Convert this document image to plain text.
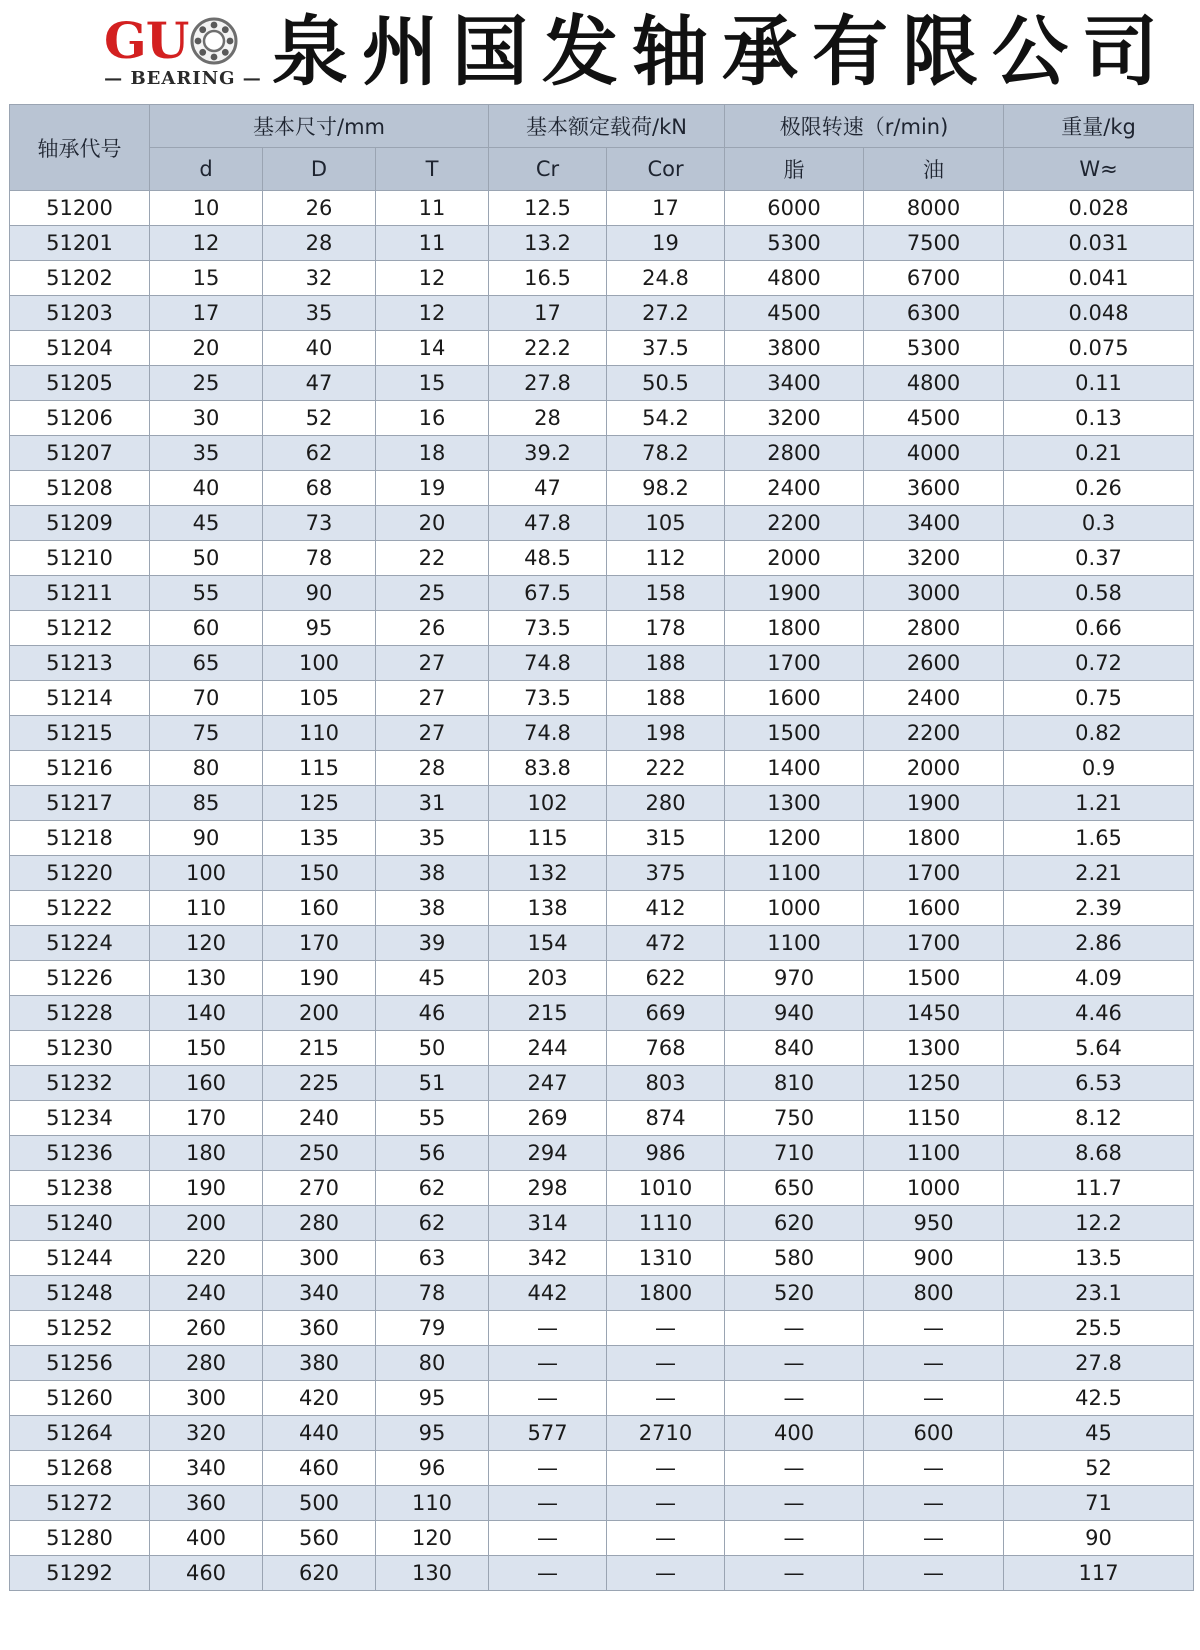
GU
— BEARING — 泉州国发轴承有限公司
轴承代号	基本尺寸/mm			基本额定载荷/kN		极限转速（r/min)		重量/kg
	d	D	T	Cr	Cor	脂	油	W≈
51200	10	26	11	12.5	17	6000	8000	0.028
51201	12	28	11	13.2	19	5300	7500	0.031
51202	15	32	12	16.5	24.8	4800	6700	0.041
51203	17	35	12	17	27.2	4500	6300	0.048
51204	20	40	14	22.2	37.5	3800	5300	0.075
51205	25	47	15	27.8	50.5	3400	4800	0.11
51206	30	52	16	28	54.2	3200	4500	0.13
51207	35	62	18	39.2	78.2	2800	4000	0.21
51208	40	68	19	47	98.2	2400	3600	0.26
51209	45	73	20	47.8	105	2200	3400	0.3
51210	50	78	22	48.5	112	2000	3200	0.37
51211	55	90	25	67.5	158	1900	3000	0.58
51212	60	95	26	73.5	178	1800	2800	0.66
51213	65	100	27	74.8	188	1700	2600	0.72
51214	70	105	27	73.5	188	1600	2400	0.75
51215	75	110	27	74.8	198	1500	2200	0.82
51216	80	115	28	83.8	222	1400	2000	0.9
51217	85	125	31	102	280	1300	1900	1.21
51218	90	135	35	115	315	1200	1800	1.65
51220	100	150	38	132	375	1100	1700	2.21
51222	110	160	38	138	412	1000	1600	2.39
51224	120	170	39	154	472	1100	1700	2.86
51226	130	190	45	203	622	970	1500	4.09
51228	140	200	46	215	669	940	1450	4.46
51230	150	215	50	244	768	840	1300	5.64
51232	160	225	51	247	803	810	1250	6.53
51234	170	240	55	269	874	750	1150	8.12
51236	180	250	56	294	986	710	1100	8.68
51238	190	270	62	298	1010	650	1000	11.7
51240	200	280	62	314	1110	620	950	12.2
51244	220	300	63	342	1310	580	900	13.5
51248	240	340	78	442	1800	520	800	23.1
51252	260	360	79	—	—	—	—	25.5
51256	280	380	80	—	—	—	—	27.8
51260	300	420	95	—	—	—	—	42.5
51264	320	440	95	577	2710	400	600	45
51268	340	460	96	—	—	—	—	52
51272	360	500	110	—	—	—	—	71
51280	400	560	120	—	—	—	—	90
51292	460	620	130	—	—	—	—	117
